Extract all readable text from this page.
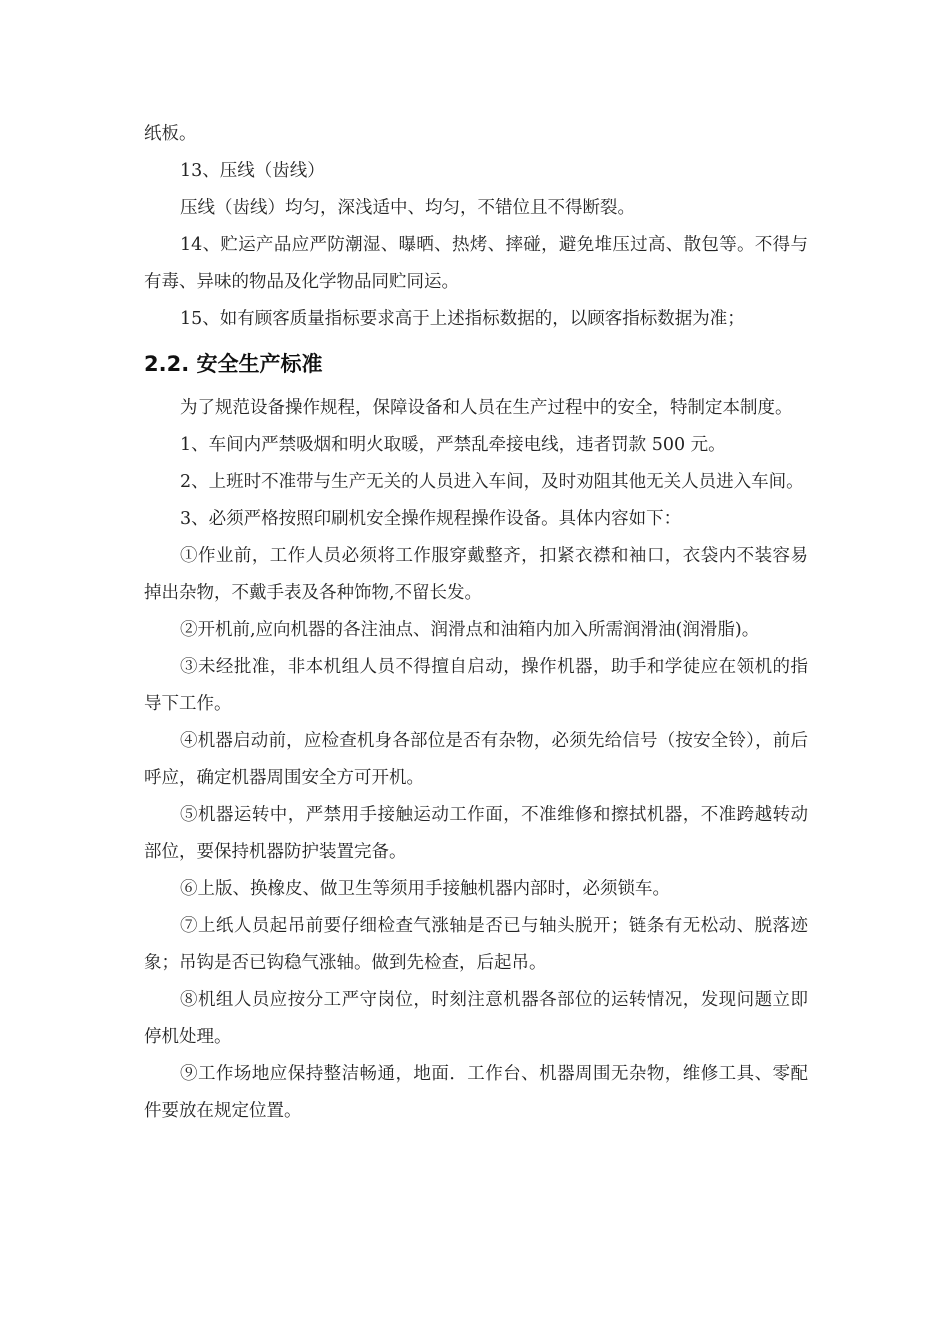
纸板。

13、压线（齿线）

压线（齿线）均匀，深浅适中、均匀，不错位且不得断裂。

14、贮运产品应严防潮湿、曝晒、热烤、摔碰，避免堆压过高、散包等。不得与有毒、异味的物品及化学物品同贮同运。

15、如有顾客质量指标要求高于上述指标数据的，以顾客指标数据为准；

2.2. 安全生产标准

为了规范设备操作规程，保障设备和人员在生产过程中的安全，特制定本制度。

1、车间内严禁吸烟和明火取暖，严禁乱牵接电线，违者罚款 500 元。

2、上班时不准带与生产无关的人员进入车间，及时劝阻其他无关人员进入车间。

3、必须严格按照印刷机安全操作规程操作设备。具体内容如下：

①作业前，工作人员必须将工作服穿戴整齐，扣紧衣襟和袖口，衣袋内不装容易掉出杂物，不戴手表及各种饰物,不留长发。

②开机前,应向机器的各注油点、润滑点和油箱内加入所需润滑油(润滑脂)。

③未经批准，非本机组人员不得擅自启动，操作机器，助手和学徒应在领机的指导下工作。

④机器启动前，应检查机身各部位是否有杂物，必须先给信号（按安全铃），前后呼应，确定机器周围安全方可开机。

⑤机器运转中，严禁用手接触运动工作面，不准维修和擦拭机器，不准跨越转动部位，要保持机器防护装置完备。

⑥上版、换橡皮、做卫生等须用手接触机器内部时，必须锁车。

⑦上纸人员起吊前要仔细检查气涨轴是否已与轴头脱开；链条有无松动、脱落迹象；吊钩是否已钩稳气涨轴。做到先检查，后起吊。

⑧机组人员应按分工严守岗位，时刻注意机器各部位的运转情况，发现问题立即停机处理。

⑨工作场地应保持整洁畅通，地面．工作台、机器周围无杂物，维修工具、零配件要放在规定位置。
